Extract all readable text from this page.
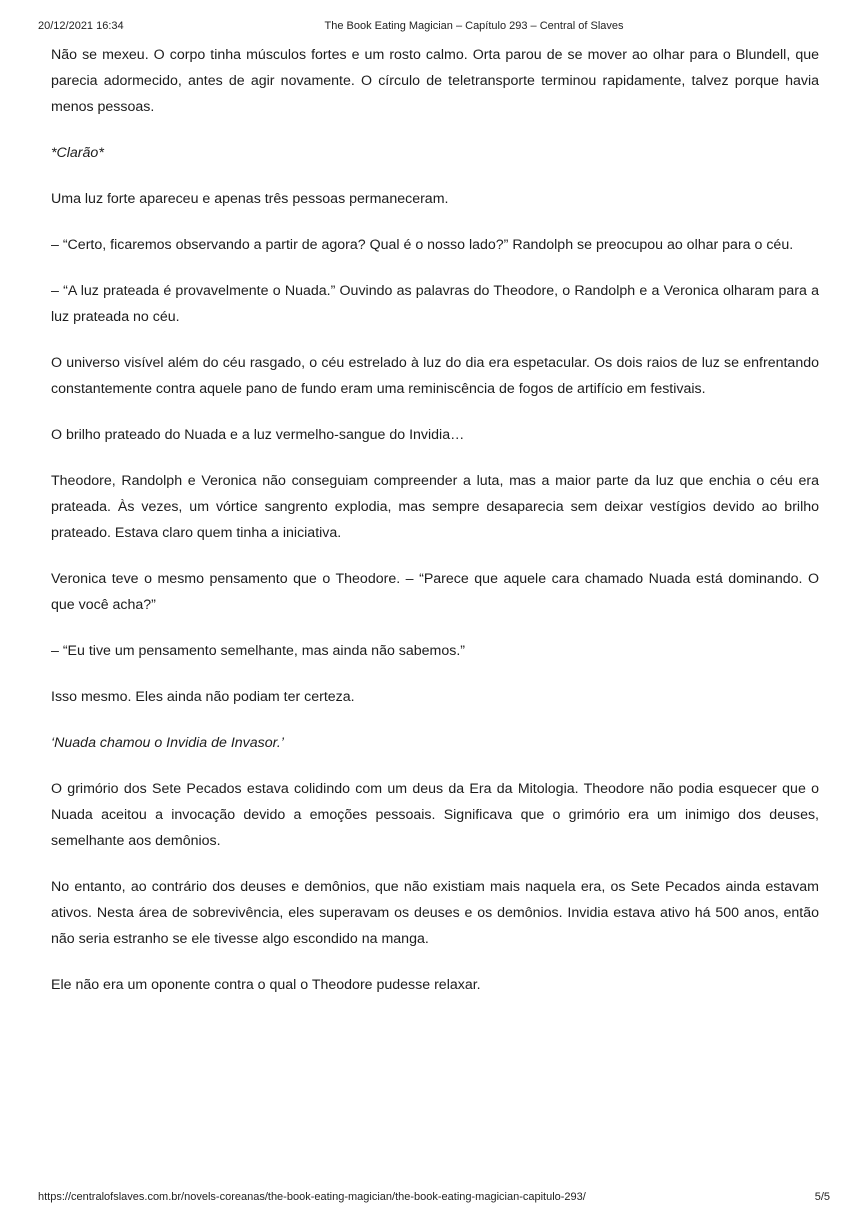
20/12/2021 16:34	The Book Eating Magician – Capítulo 293 – Central of Slaves

Não se mexeu. O corpo tinha músculos fortes e um rosto calmo. Orta parou de se mover ao olhar para o Blundell, que parecia adormecido, antes de agir novamente. O círculo de teletransporte terminou rapidamente, talvez porque havia menos pessoas.

*Clarão*

Uma luz forte apareceu e apenas três pessoas permaneceram.

– “Certo, ficaremos observando a partir de agora? Qual é o nosso lado?” Randolph se preocupou ao olhar para o céu.

– “A luz prateada é provavelmente o Nuada.” Ouvindo as palavras do Theodore, o Randolph e a Veronica olharam para a luz prateada no céu.

O universo visível além do céu rasgado, o céu estrelado à luz do dia era espetacular. Os dois raios de luz se enfrentando constantemente contra aquele pano de fundo eram uma reminiscência de fogos de artifício em festivais.

O brilho prateado do Nuada e a luz vermelho-sangue do Invidia…

Theodore, Randolph e Veronica não conseguiam compreender a luta, mas a maior parte da luz que enchia o céu era prateada. Às vezes, um vórtice sangrento explodia, mas sempre desaparecia sem deixar vestígios devido ao brilho prateado. Estava claro quem tinha a iniciativa.

Veronica teve o mesmo pensamento que o Theodore. – “Parece que aquele cara chamado Nuada está dominando. O que você acha?”

– “Eu tive um pensamento semelhante, mas ainda não sabemos.”

Isso mesmo. Eles ainda não podiam ter certeza.

‘Nuada chamou o Invidia de Invasor.’

O grimório dos Sete Pecados estava colidindo com um deus da Era da Mitologia. Theodore não podia esquecer que o Nuada aceitou a invocação devido a emoções pessoais. Significava que o grimório era um inimigo dos deuses, semelhante aos demônios.

No entanto, ao contrário dos deuses e demônios, que não existiam mais naquela era, os Sete Pecados ainda estavam ativos. Nesta área de sobrevivência, eles superavam os deuses e os demônios. Invidia estava ativo há 500 anos, então não seria estranho se ele tivesse algo escondido na manga.

Ele não era um oponente contra o qual o Theodore pudesse relaxar.

https://centralofslaves.com.br/novels-coreanas/the-book-eating-magician/the-book-eating-magician-capitulo-293/	5/5
